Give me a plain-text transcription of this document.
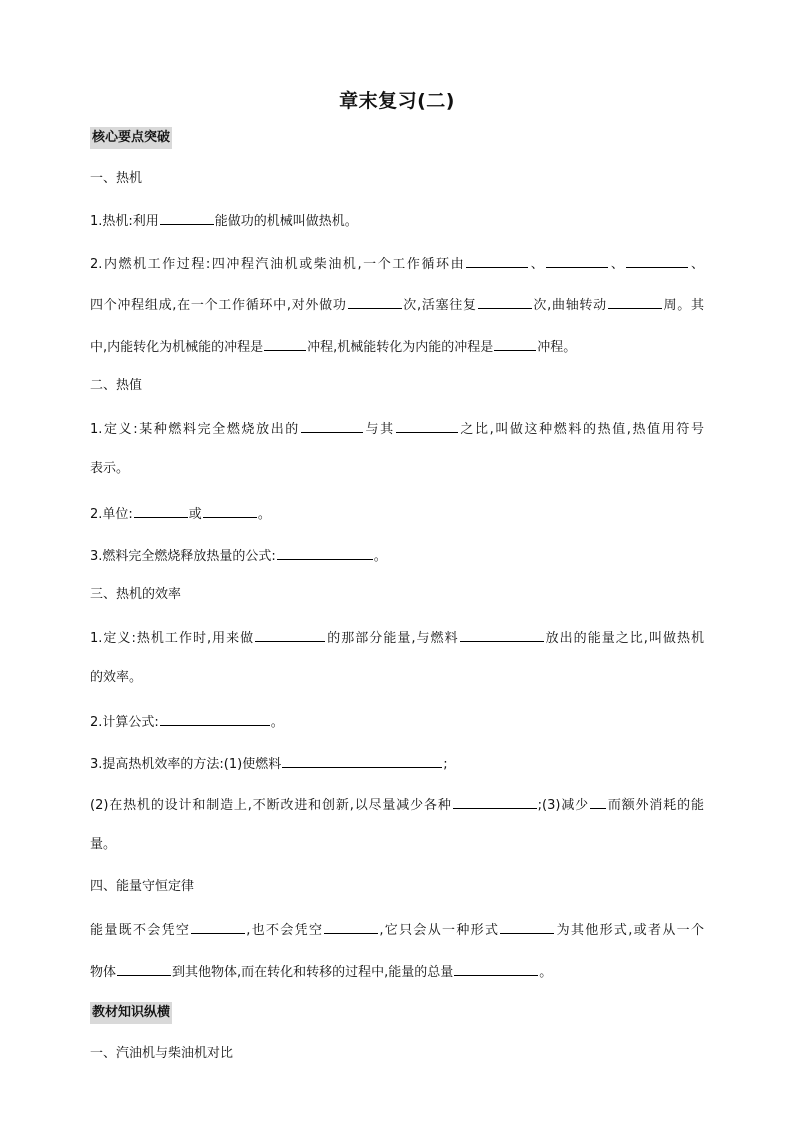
章末复习(二)
核心要点突破
一、热机
1.热机:利用	能做功的机械叫做热机。
2.内燃机工作过程:四冲程汽油机或柴油机,一个工作循环由	、	、	、
四个冲程组成,在一个工作循环中,对外做功	次,活塞往复	次,曲轴转动	周。其
中,内能转化为机械能的冲程是	冲程,机械能转化为内能的冲程是	冲程。
二、热值
1.定义:某种燃料完全燃烧放出的	与其	之比,叫做这种燃料的热值,热值用符号
表示。
2.单位:	或	。
3.燃料完全燃烧释放热量的公式:	。
三、热机的效率
1.定义:热机工作时,用来做	的那部分能量,与燃料	放出的能量之比,叫做热机
的效率。
2.计算公式:	。
3.提高热机效率的方法:(1)使燃料	;
(2)在热机的设计和制造上,不断改进和创新,以尽量减少各种	;(3)减少 而额外消耗的能
量。
四、能量守恒定律
能量既不会凭空	,也不会凭空	,它只会从一种形式	为其他形式,或者从一个
物体	到其他物体,而在转化和转移的过程中,能量的总量	。
教材知识纵横
一、汽油机与柴油机对比
